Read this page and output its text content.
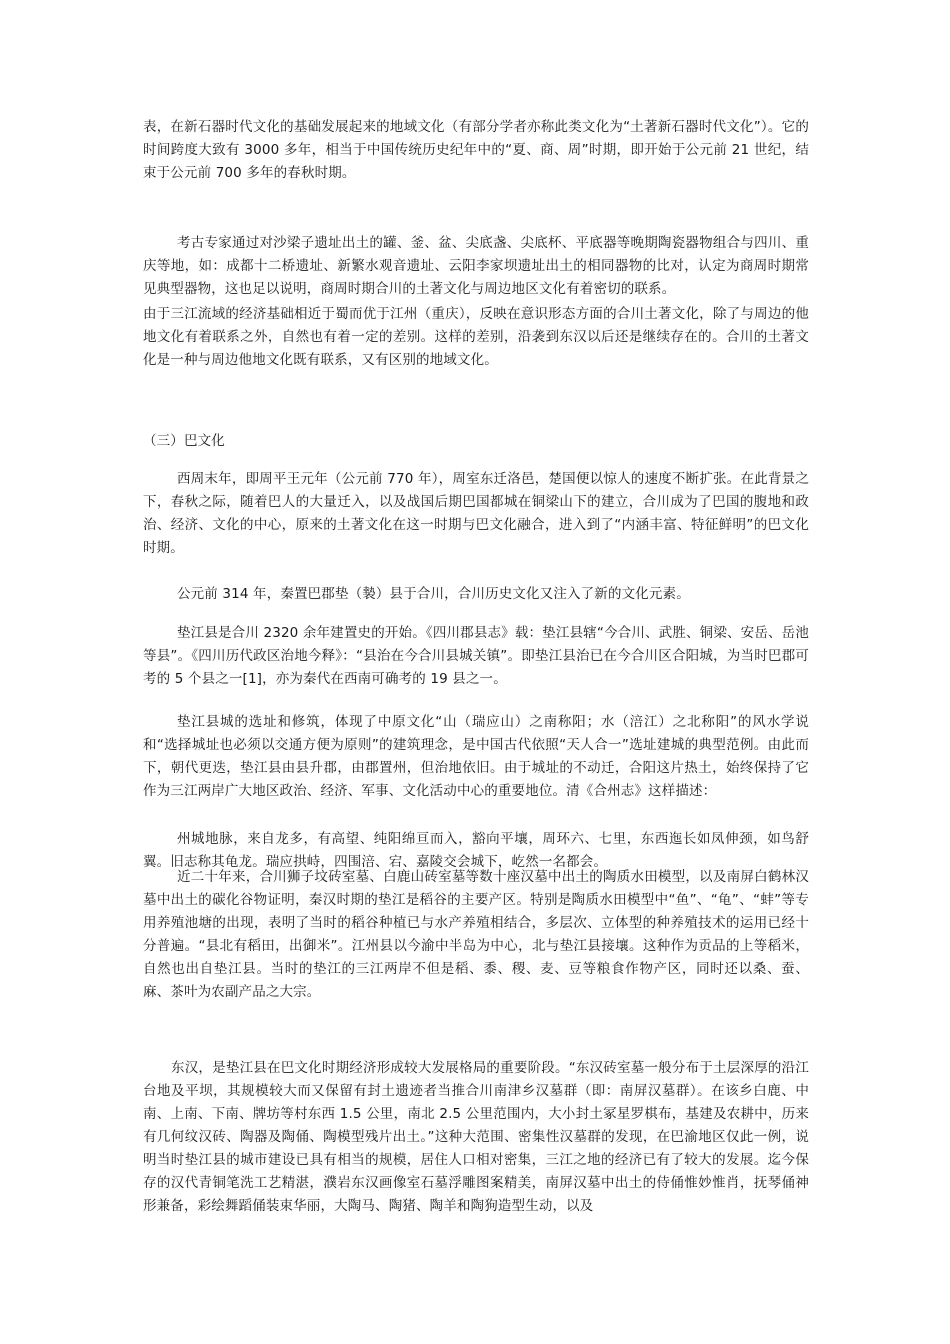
表，在新石器时代文化的基础发展起来的地域文化（有部分学者亦称此类文化为“土著新石器时代文化”）。它的时间跨度大致有 3000 多年，相当于中国传统历史纪年中的“夏、商、周”时期，即开始于公元前 21 世纪，结束于公元前 700 多年的春秋时期。

考古专家通过对沙梁子遗址出土的罐、釜、盆、尖底盏、尖底杯、平底器等晚期陶瓷器物组合与四川、重庆等地，如：成都十二桥遗址、新繁水观音遗址、云阳李家坝遗址出土的相同器物的比对，认定为商周时期常见典型器物，这也足以说明，商周时期合川的土著文化与周边地区文化有着密切的联系。

由于三江流域的经济基础相近于蜀而优于江州（重庆），反映在意识形态方面的合川土著文化，除了与周边的他地文化有着联系之外，自然也有着一定的差别。这样的差别，沿袭到东汉以后还是继续存在的。合川的土著文化是一种与周边他地文化既有联系，又有区别的地域文化。

（三）巴文化

西周末年，即周平王元年（公元前 770 年），周室东迁洛邑，楚国便以惊人的速度不断扩张。在此背景之下，春秋之际，随着巴人的大量迁入，以及战国后期巴国都城在铜梁山下的建立，合川成为了巴国的腹地和政治、经济、文化的中心，原来的土著文化在这一时期与巴文化融合，进入到了“内涵丰富、特征鲜明”的巴文化时期。

公元前 314 年，秦置巴郡垫（褺）县于合川，合川历史文化又注入了新的文化元素。

垫江县是合川 2320 余年建置史的开始。《四川郡县志》载：垫江县辖“今合川、武胜、铜梁、安岳、岳池等县”。《四川历代政区治地今释》：“县治在今合川县城关镇”。即垫江县治已在今合川区合阳城，为当时巴郡可考的 5 个县之一[1]，亦为秦代在西南可确考的 19 县之一。

垫江县城的选址和修筑，体现了中原文化“山（瑞应山）之南称阳；水（涪江）之北称阳”的风水学说和“选择城址也必须以交通方便为原则”的建筑理念，是中国古代依照“天人合一”选址建城的典型范例。由此而下，朝代更迭，垫江县由县升郡，由郡置州，但治地依旧。由于城址的不动迁，合阳这片热土，始终保持了它作为三江两岸广大地区政治、经济、军事、文化活动中心的重要地位。清《合州志》这样描述：

州城地脉，来自龙多，有高望、纯阳绵亘而入，豁向平壤，周环六、七里，东西迤长如凤伸颈，如鸟舒翼。旧志称其龟龙。瑞应拱峙，四围涪、宕、嘉陵交会城下，屹然一名都会。

近二十年来，合川狮子坟砖室墓、白鹿山砖室墓等数十座汉墓中出土的陶质水田模型，以及南屏白鹤林汉墓中出土的碳化谷物证明，秦汉时期的垫江是稻谷的主要产区。特别是陶质水田模型中“鱼”、“龟”、“蚌”等专用养殖池塘的出现，表明了当时的稻谷种植已与水产养殖相结合，多层次、立体型的种养殖技术的运用已经十分普遍。“县北有稻田，出御米”。江州县以今渝中半岛为中心，北与垫江县接壤。这种作为贡品的上等稻米，自然也出自垫江县。当时的垫江的三江两岸不但是稻、黍、稷、麦、豆等粮食作物产区，同时还以桑、蚕、麻、茶叶为农副产品之大宗。

东汉，是垫江县在巴文化时期经济形成较大发展格局的重要阶段。“东汉砖室墓一般分布于土层深厚的沿江台地及平坝，其规模较大而又保留有封土遗迹者当推合川南津乡汉墓群（即：南屏汉墓群）。在该乡白鹿、中南、上南、下南、牌坊等村东西 1.5 公里，南北 2.5 公里范围内，大小封土冢星罗棋布，基建及农耕中，历来有几何纹汉砖、陶器及陶俑、陶模型残片出土。”这种大范围、密集性汉墓群的发现，在巴渝地区仅此一例，说明当时垫江县的城市建设已具有相当的规模，居住人口相对密集，三江之地的经济已有了较大的发展。迄今保存的汉代青铜笔洗工艺精湛，濮岩东汉画像室石墓浮雕图案精美，南屏汉墓中出土的侍俑惟妙惟肖，抚琴俑神形兼备，彩绘舞蹈俑装束华丽，大陶马、陶猪、陶羊和陶狗造型生动，以及
